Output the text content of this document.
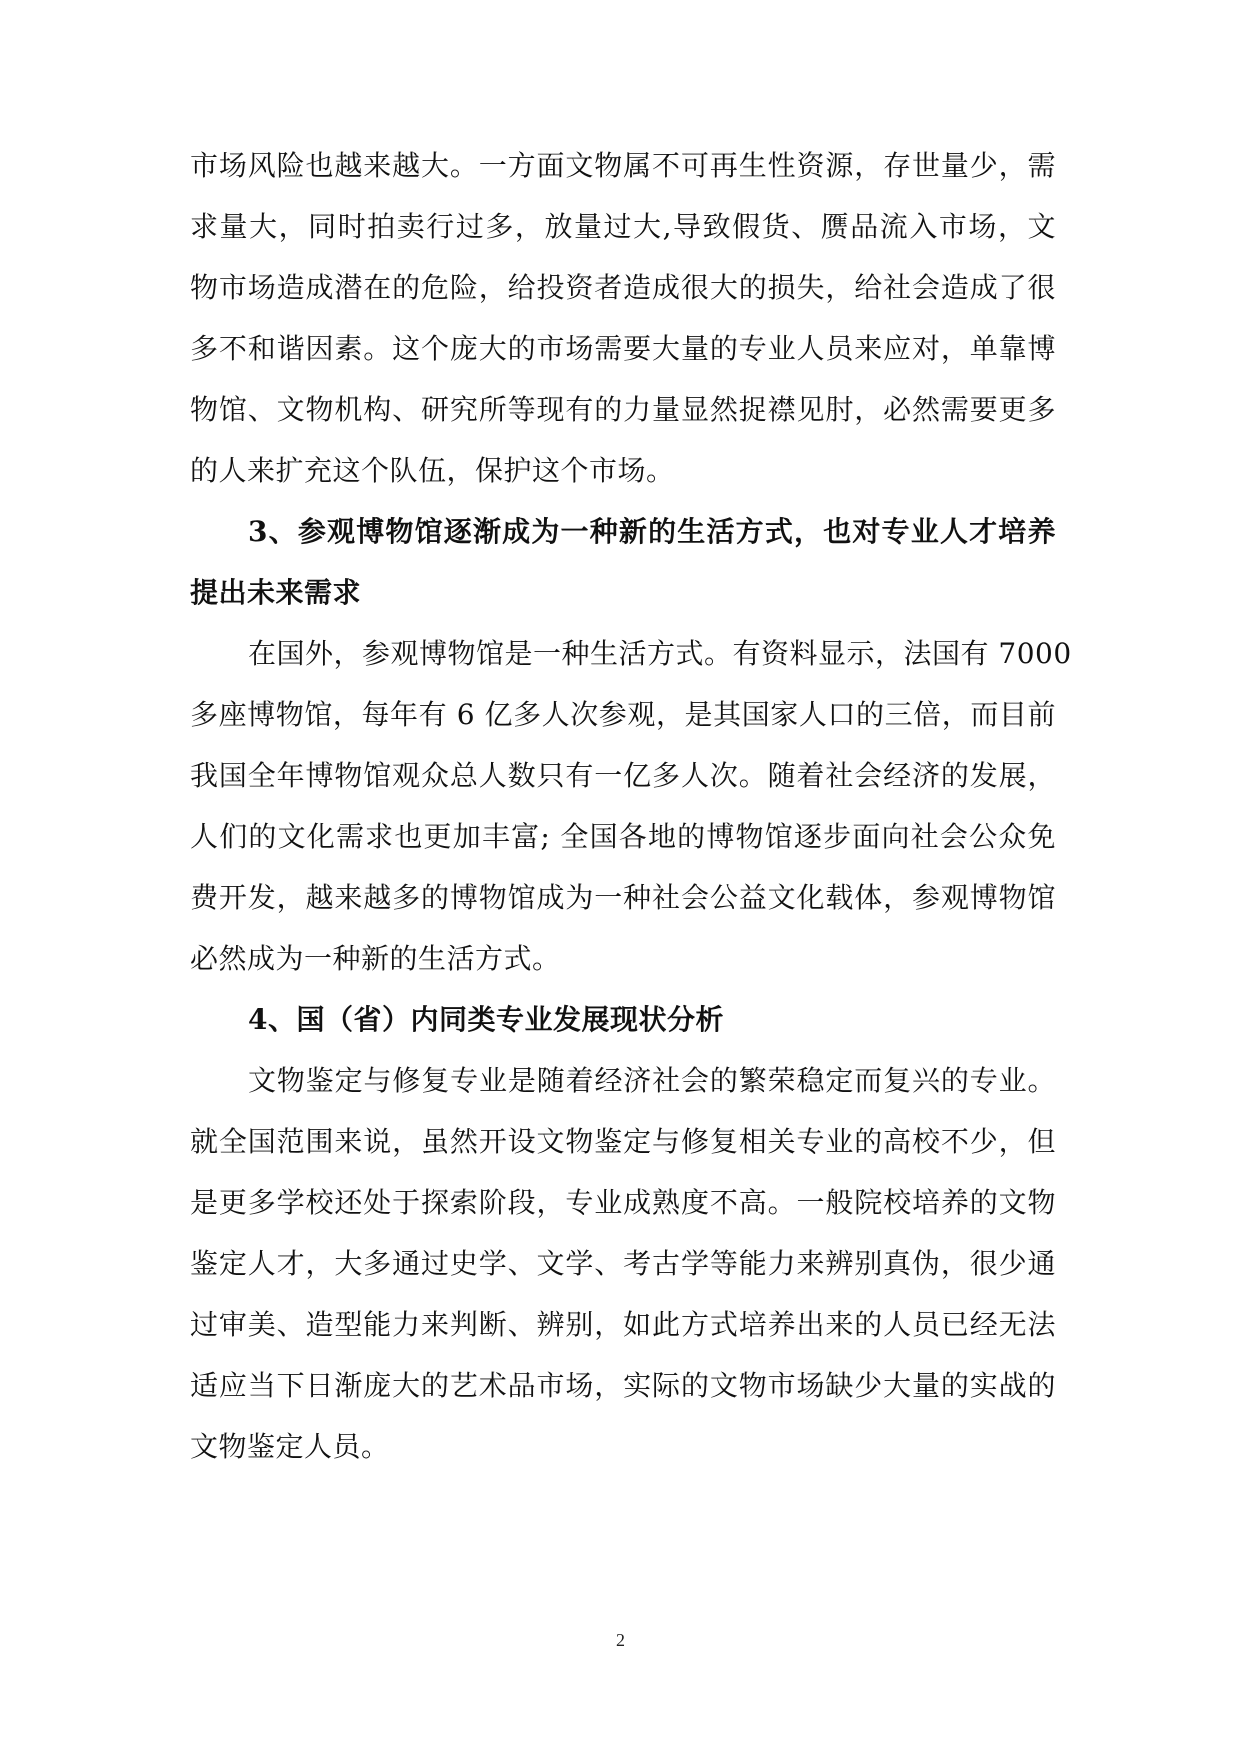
市场风险也越来越大。一方面文物属不可再生性资源，存世量少，需
求量大，同时拍卖行过多，放量过大,导致假货、赝品流入市场，文
物市场造成潜在的危险，给投资者造成很大的损失，给社会造成了很
多不和谐因素。这个庞大的市场需要大量的专业人员来应对，单靠博
物馆、文物机构、研究所等现有的力量显然捉襟见肘，必然需要更多
的人来扩充这个队伍，保护这个市场。
3、参观博物馆逐渐成为一种新的生活方式，也对专业人才培养
提出未来需求
在国外，参观博物馆是一种生活方式。有资料显示，法国有 7000
多座博物馆，每年有 6 亿多人次参观，是其国家人口的三倍，而目前
我国全年博物馆观众总人数只有一亿多人次。随着社会经济的发展，
人们的文化需求也更加丰富; 全国各地的博物馆逐步面向社会公众免
费开发，越来越多的博物馆成为一种社会公益文化载体，参观博物馆
必然成为一种新的生活方式。
4、国（省）内同类专业发展现状分析
文物鉴定与修复专业是随着经济社会的繁荣稳定而复兴的专业。
就全国范围来说，虽然开设文物鉴定与修复相关专业的高校不少，但
是更多学校还处于探索阶段，专业成熟度不高。一般院校培养的文物
鉴定人才，大多通过史学、文学、考古学等能力来辨别真伪，很少通
过审美、造型能力来判断、辨别，如此方式培养出来的人员已经无法
适应当下日渐庞大的艺术品市场，实际的文物市场缺少大量的实战的
文物鉴定人员。
2
